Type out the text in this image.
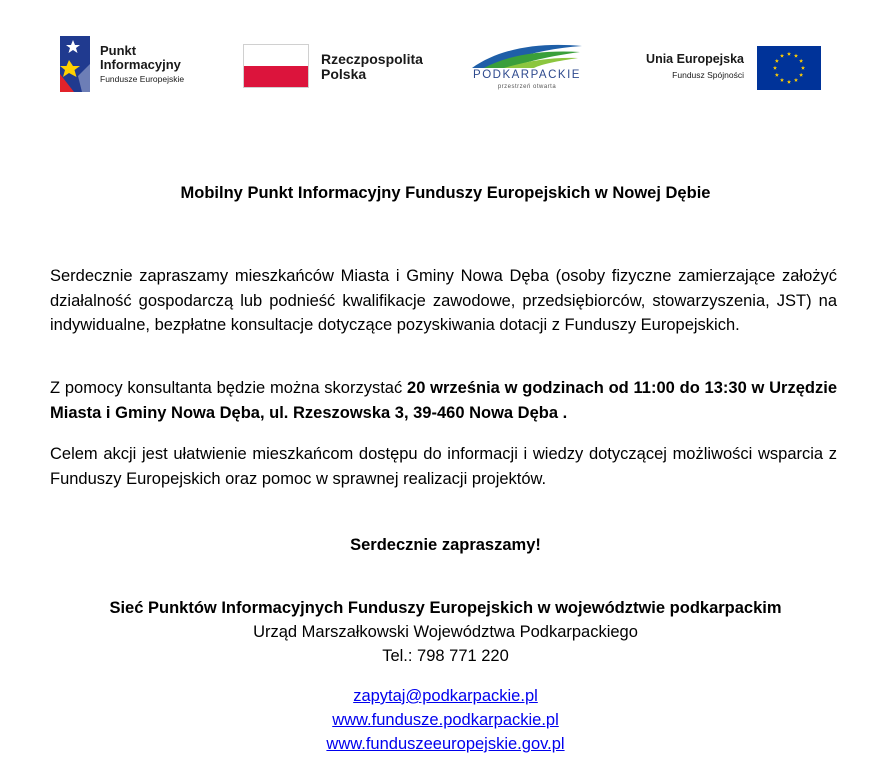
Punkt
Informacyjny
Fundusze Europejskie
Rzeczpospolita
Polska	PODKARPACKIE
przestrzeń otwarta
Unia Europejska
Fundusz Spójności
Mobilny Punkt Informacyjny Funduszy Europejskich w Nowej Dębie
Serdecznie zapraszamy mieszkańców Miasta i Gminy Nowa Dęba (osoby fizyczne zamierzające założyć działalność gospodarczą lub podnieść kwalifikacje zawodowe, przedsiębiorców, stowarzyszenia, JST) na indywidualne, bezpłatne konsultacje dotyczące pozyskiwania dotacji z Funduszy Europejskich.
Z pomocy konsultanta będzie można skorzystać 20 września w godzinach od 11:00 do 13:30 w Urzędzie Miasta i Gminy Nowa Dęba, ul. Rzeszowska 3, 39-460 Nowa Dęba .
Celem akcji jest ułatwienie mieszkańcom dostępu do informacji i wiedzy dotyczącej możliwości wsparcia z Funduszy Europejskich oraz pomoc w sprawnej realizacji projektów.
Serdecznie zapraszamy!
Sieć Punktów Informacyjnych Funduszy Europejskich w województwie podkarpackim
Urząd Marszałkowski Województwa Podkarpackiego
Tel.: 798 771 220
zapytaj@podkarpackie.pl
www.fundusze.podkarpackie.pl
www.funduszeeuropejskie.gov.pl
